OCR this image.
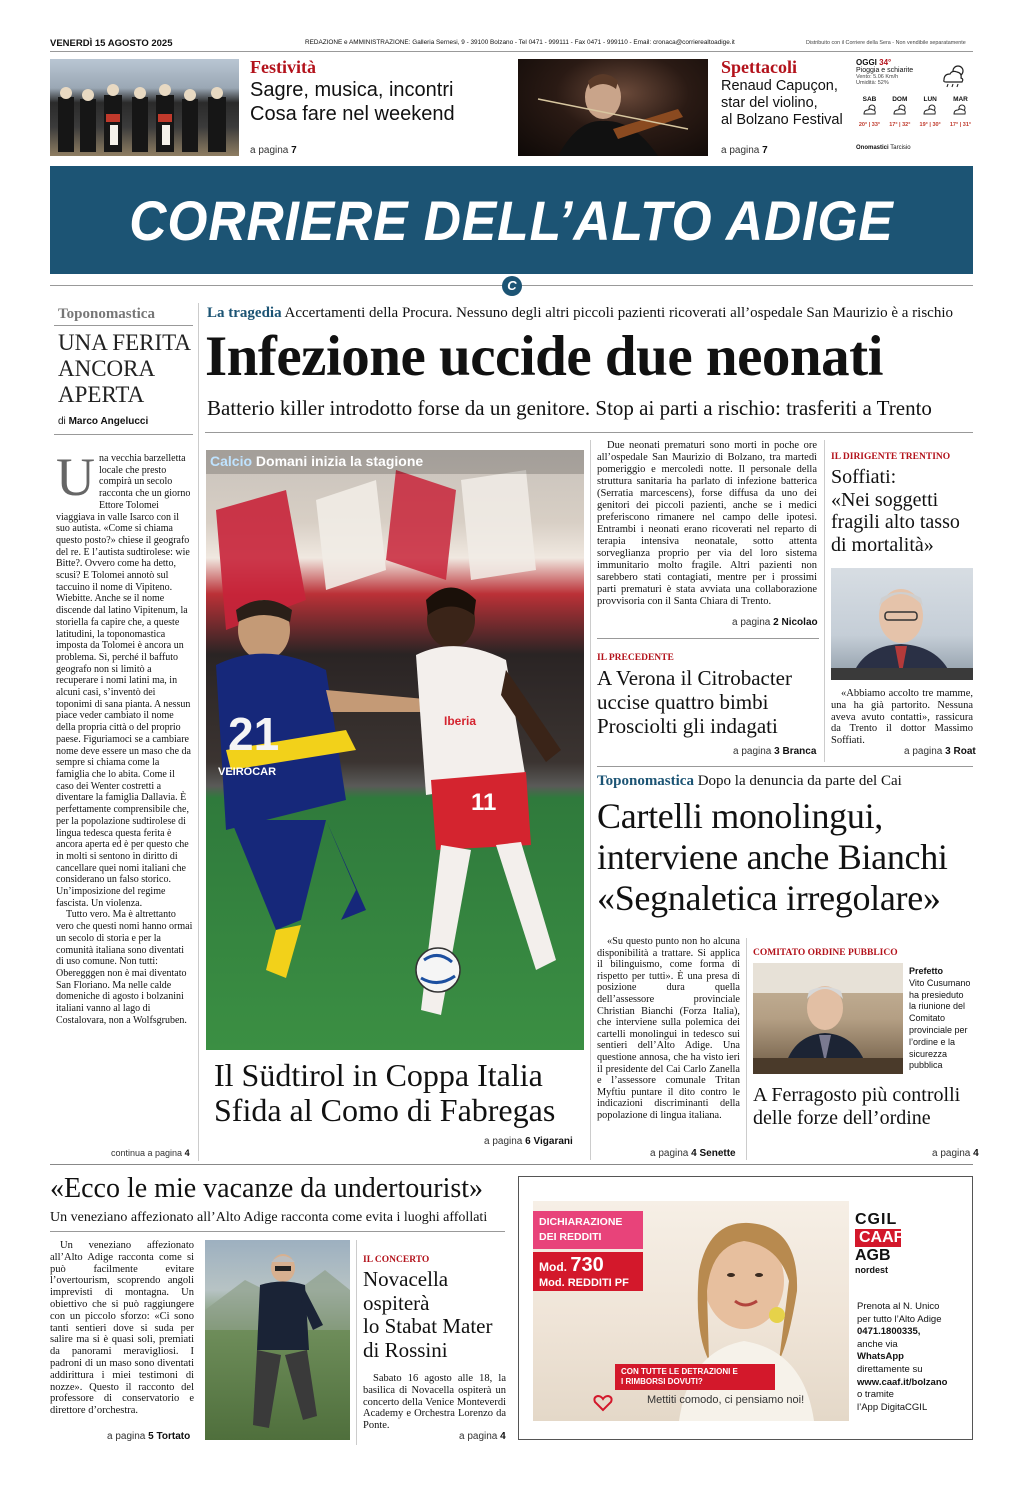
VENERDÌ 15 AGOSTO 2025	REDAZIONE e AMMINISTRAZIONE: Galleria Sernesi, 9 - 39100 Bolzano - Tel 0471 - 999111 - Fax 0471 - 999110 - Email: cronaca@corrierealtoadige.it	Distribuito con il Corriere della Sera - Non vendibile separatamente
Festività
Sagre, musica, incontri
Cosa fare nel weekend
a pagina 7
Spettacoli
Renaud Capuçon,
star del violino,
al Bolzano Festival
a pagina 7
OGGI 34°
Pioggia e schiarite
Vento: 5.06 Km/h
Umidità: 52%
SAB
20° | 33°
DOM
17° | 32°
LUN
19° | 30°
MAR
17° | 31°
Onomastici Tarcisio
CORRIERE DELL’ALTO ADIGE
C
Toponomastica
UNA FERITA
ANCORA
APERTA
di Marco Angelucci
U na vecchia barzelletta locale che presto compirà un secolo racconta che un giorno Ettore Tolomei viaggiava in valle Isarco con il suo autista. «Come si chiama questo posto?» chiese il geografo del re. E l’autista sudtirolese: wie Bitte?. Ovvero come ha detto, scusi? E Tolomei annotò sul taccuino il nome di Vipiteno. Wiebitte. Anche se il nome discende dal latino Vipitenum, la storiella fa capire che, a queste latitudini, la toponomastica imposta da Tolomei è ancora un problema. Sì, perché il baffuto geografo non si limitò a recuperare i nomi latini ma, in alcuni casi, s’inventò dei toponimi di sana pianta. A nessun piace veder cambiato il nome della propria città o del proprio paese. Figuriamoci se a cambiare nome deve essere un maso che da sempre si chiama come la famiglia che lo abita. Come il caso dei Wenter costretti a diventare la famiglia Dallavia. È perfettamente comprensibile che, per la popolazione sudtirolese di lingua tedesca questa ferita è ancora aperta ed è per questo che in molti si sentono in diritto di cancellare quei nomi italiani che considerano un falso storico. Un’imposizione del regime fascista. Un violenza.
Tutto vero. Ma è altrettanto vero che questi nomi hanno ormai un secolo di storia e per la comunità italiana sono diventati di uso comune. Non tutti: Oberegggen non è mai diventato San Floriano. Ma nelle calde domeniche di agosto i bolzanini italiani vanno al lago di Costalovara, non a Wolfsgruben.
continua a pagina 4
La tragedia Accertamenti della Procura. Nessuno degli altri piccoli pazienti ricoverati all’ospedale San Maurizio è a rischio
Infezione uccide due neonati
Batterio killer introdotto forse da un genitore. Stop ai parti a rischio: trasferiti a Trento
21
VEIROCAR
11
Iberia
Calcio Domani inizia la stagione
Il Südtirol in Coppa Italia
Sfida al Como di Fabregas
a pagina 6 Vigarani
Due neonati prematuri sono morti in poche ore all’ospedale San Maurizio di Bolzano, tra martedì pomeriggio e mercoledì notte. Il personale della struttura sanitaria ha parlato di infezione batterica (Serratia marcescens), forse diffusa da uno dei genitori dei piccoli pazienti, anche se i medici preferiscono rimanere nel campo delle ipotesi. Entrambi i neonati erano ricoverati nel reparto di terapia intensiva neonatale, sotto attenta sorveglianza proprio per via del loro sistema immunitario molto fragile. Altri pazienti non sarebbero stati contagiati, mentre per i prossimi parti prematuri è stata avviata una collaborazione provvisoria con il Santa Chiara di Trento.
a pagina 2 Nicolao
IL PRECEDENTE
A Verona il Citrobacter
uccise quattro bimbi
Prosciolti gli indagati
a pagina 3 Branca
IL DIRIGENTE TRENTINO
Soffiati:
«Nei soggetti
fragili alto tasso
di mortalità»
«Abbiamo accolto tre mamme, una ha già partorito. Nessuna aveva avuto contatti», rassicura da Trento il dottor Massimo Soffiati.
a pagina 3 Roat
Toponomastica Dopo la denuncia da parte del Cai
Cartelli monolingui,
interviene anche Bianchi
«Segnaletica irregolare»
«Su questo punto non ho alcuna disponibilità a trattare. Si applica il bilinguismo, come forma di rispetto per tutti». È una presa di posizione dura quella dell’assessore provinciale Christian Bianchi (Forza Italia), che interviene sulla polemica dei cartelli monolingui in tedesco sui sentieri dell’Alto Adige. Una questione annosa, che ha visto ieri il presidente del Cai Carlo Zanella e l’assessore comunale Tritan Myftiu puntare il dito contro le indicazioni discriminanti della popolazione di lingua italiana.
a pagina 4 Senette
COMITATO ORDINE PUBBLICO
Prefetto
Vito Cusumano ha presieduto la riunione del Comitato provinciale per l’ordine e la sicurezza pubblica
A Ferragosto più controlli
delle forze dell’ordine
a pagina 4
«Ecco le mie vacanze da undertourist»
Un veneziano affezionato all’Alto Adige racconta come evita i luoghi affollati
Un veneziano affezionato all’Alto Adige racconta come si può facilmente evitare l’overtourism, scoprendo angoli imprevisti di montagna. Un obiettivo che si può raggiungere con un piccolo sforzo: «Ci sono tanti sentieri dove si suda per salire ma si è quasi soli, premiati da panorami meravigliosi. I padroni di un maso sono diventati addirittura i miei testimoni di nozze». Questo il racconto del professore di conservatorio e direttore d’orchestra.
a pagina 5 Tortato
IL CONCERTO
Novacella
ospiterà
lo Stabat Mater
di Rossini
Sabato 16 agosto alle 18, la basilica di Novacella ospiterà un concerto della Venice Monteverdi Academy e Orchestra Lorenzo da Ponte.
a pagina 4
DICHIARAZIONE
DEI REDDITI
Mod. 730
Mod. REDDITI PF
CON TUTTE LE DETRAZIONI E
I RIMBORSI DOVUTI?
Mettiti comodo, ci pensiamo noi!
CGIL
CAAF
AGB
nordest
Prenota al N. Unico
per tutto l’Alto Adige
0471.1800335,
anche via
WhatsApp
direttamente su
www.caaf.it/bolzano
o tramite
l’App DigitaCGIL
